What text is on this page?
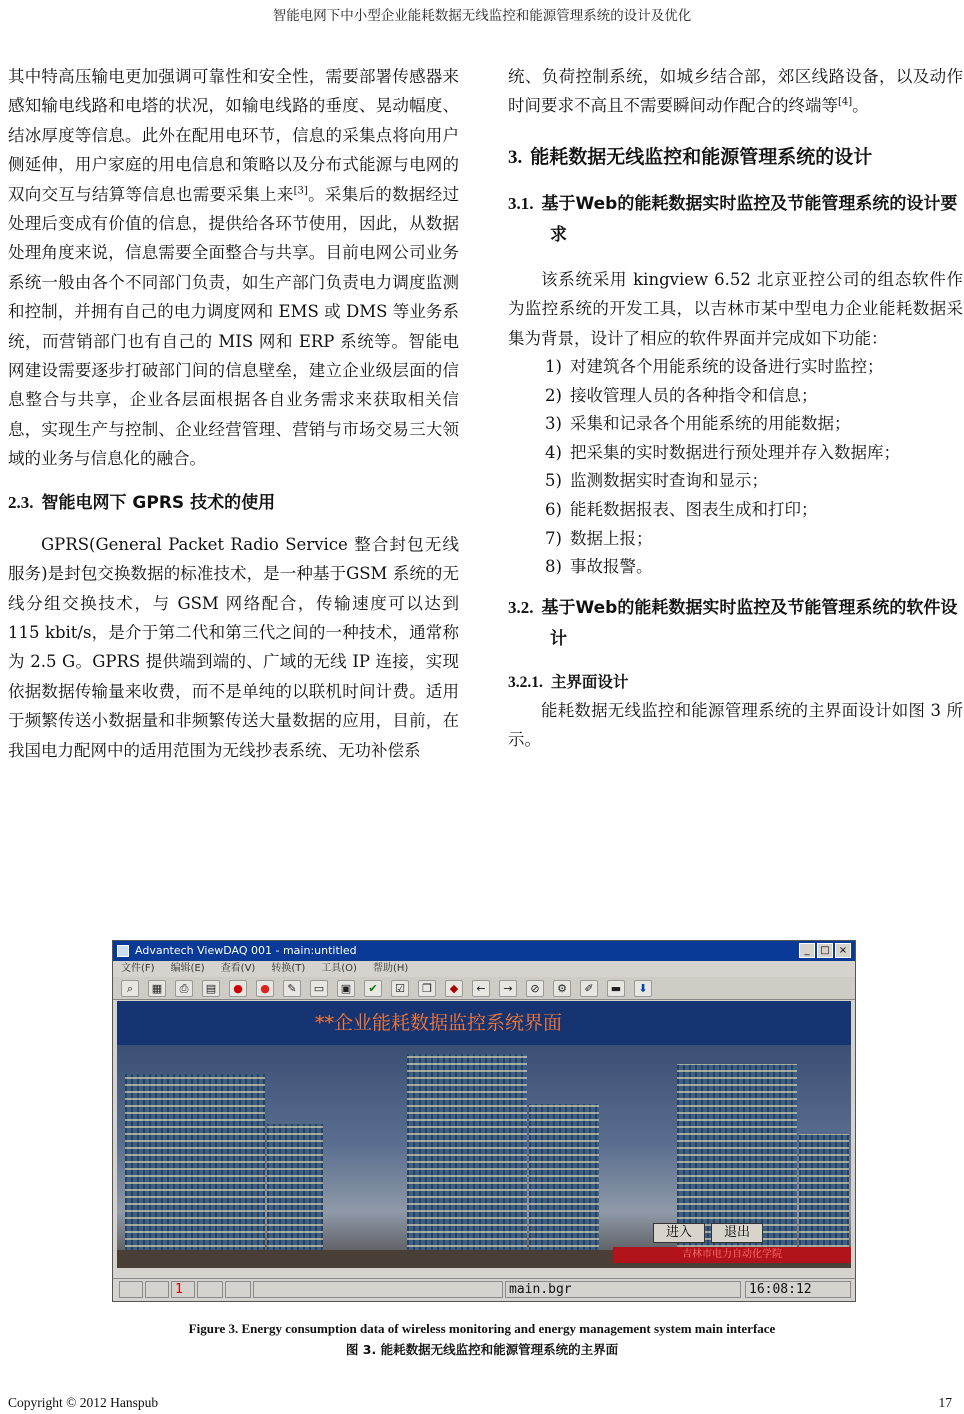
智能电网下中小型企业能耗数据无线监控和能源管理系统的设计及优化

其中特高压输电更加强调可靠性和安全性，需要部署传感器来感知输电线路和电塔的状况，如输电线路的垂度、晃动幅度、结冰厚度等信息。此外在配用电环节，信息的采集点将向用户侧延伸，用户家庭的用电信息和策略以及分布式能源与电网的双向交互与结算等信息也需要采集上来[3]。采集后的数据经过处理后变成有价值的信息，提供给各环节使用，因此，从数据处理角度来说，信息需要全面整合与共享。目前电网公司业务系统一般由各个不同部门负责，如生产部门负责电力调度监测和控制，并拥有自己的电力调度网和 EMS 或 DMS 等业务系统，而营销部门也有自己的 MIS 网和 ERP 系统等。智能电网建设需要逐步打破部门间的信息壁垒，建立企业级层面的信息整合与共享，企业各层面根据各自业务需求来获取相关信息，实现生产与控制、企业经营管理、营销与市场交易三大领域的业务与信息化的融合。

2.3. 智能电网下 GPRS 技术的使用

GPRS(General Packet Radio Service 整合封包无线服务)是封包交换数据的标准技术，是一种基于GSM 系统的无线分组交换技术，与 GSM 网络配合，传输速度可以达到 115 kbit/s，是介于第二代和第三代之间的一种技术，通常称为 2.5 G。GPRS 提供端到端的、广域的无线 IP 连接，实现依据数据传输量来收费，而不是单纯的以联机时间计费。适用于频繁传送小数据量和非频繁传送大量数据的应用，目前，在我国电力配网中的适用范围为无线抄表系统、无功补偿系

统、负荷控制系统，如城乡结合部，郊区线路设备，以及动作时间要求不高且不需要瞬间动作配合的终端等[4]。

3. 能耗数据无线监控和能源管理系统的设计
3.1. 基于Web的能耗数据实时监控及节能管理系统的设计要求

该系统采用 kingview 6.52 北京亚控公司的组态软件作为监控系统的开发工具，以吉林市某中型电力企业能耗数据采集为背景，设计了相应的软件界面并完成如下功能：

1) 对建筑各个用能系统的设备进行实时监控；
2) 接收管理人员的各种指令和信息；
3) 采集和记录各个用能系统的用能数据；
4) 把采集的实时数据进行预处理并存入数据库；
5) 监测数据实时查询和显示；
6) 能耗数据报表、图表生成和打印；
7) 数据上报；
8) 事故报警。
3.2. 基于Web的能耗数据实时监控及节能管理系统的软件设计
3.2.1. 主界面设计

能耗数据无线监控和能源管理系统的主界面设计如图 3 所示。

Advantech ViewDAQ 001 - main:untitled	_	□ ×
文件(F) 编辑(E) 查看(V) 转换(T) 工具(O) 帮助(H)
⌕	▦	⎙	▤	●	●	✎	▭	▣	✔	☑	❐	◆	←	→	⊘	⚙	✐	▬	⬇
**企业能耗数据监控系统界面
进入	退出
吉林市电力自动化学院
1	main.bgr	16:08:12
Figure 3. Energy consumption data of wireless monitoring and energy management system main interface
图 3. 能耗数据无线监控和能源管理系统的主界面
Copyright © 2012 Hanspub	17
